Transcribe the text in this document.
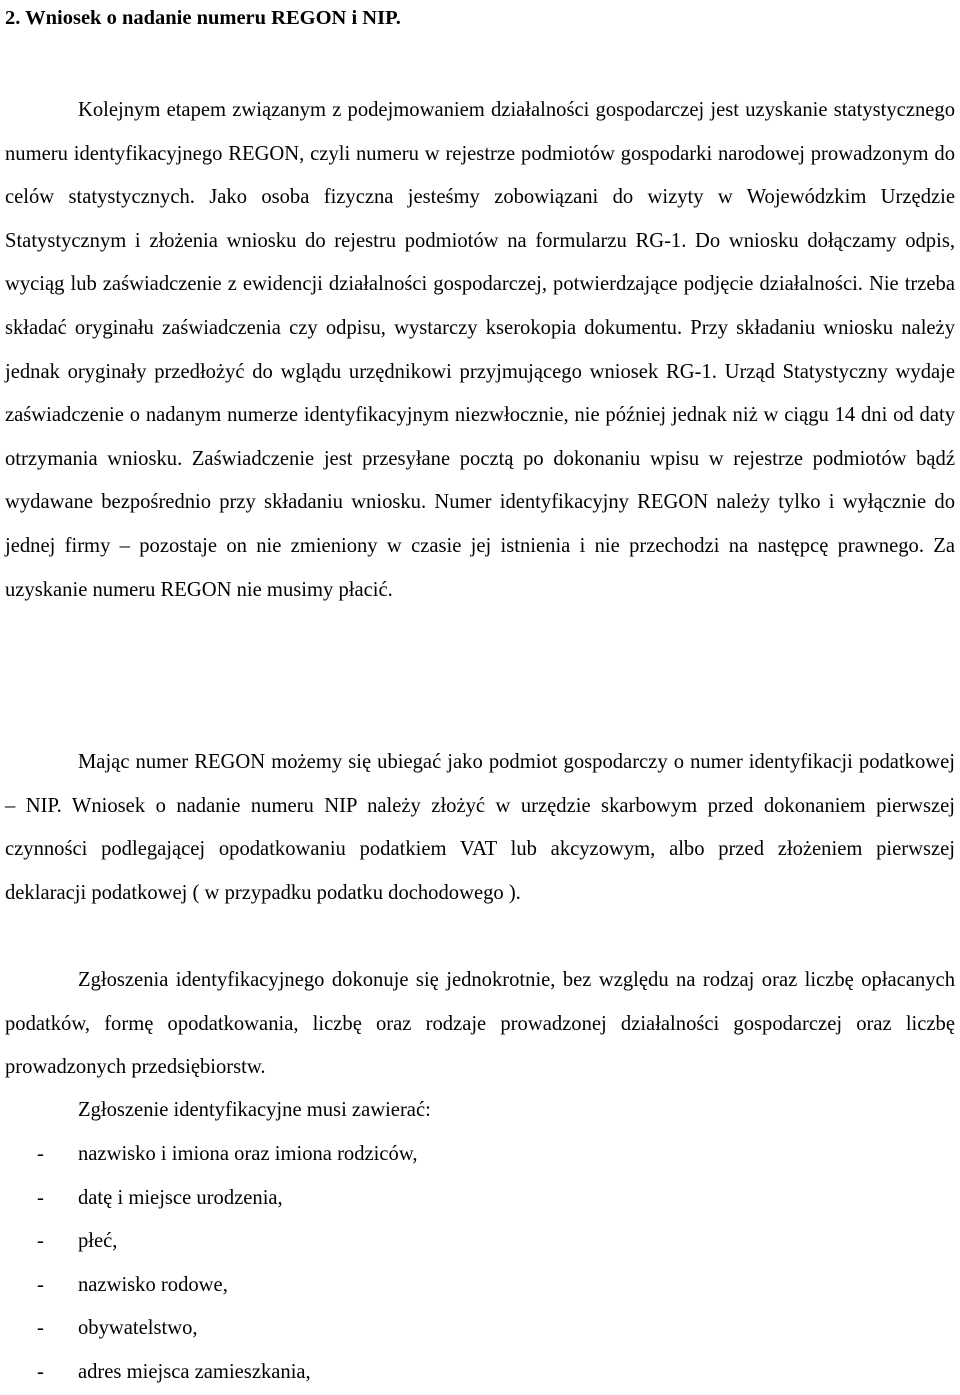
2. Wniosek o nadanie numeru REGON i NIP.

Kolejnym etapem związanym z podejmowaniem działalności gospodarczej jest uzyskanie statystycznego numeru identyfikacyjnego REGON, czyli numeru w rejestrze podmiotów gospodarki narodowej prowadzonym do celów statystycznych. Jako osoba fizyczna jesteśmy zobowiązani do wizyty w Wojewódzkim Urzędzie Statystycznym i złożenia wniosku do rejestru podmiotów na formularzu RG-1. Do wniosku dołączamy odpis, wyciąg lub zaświadczenie z ewidencji działalności gospodarczej, potwierdzające podjęcie działalności. Nie trzeba składać oryginału zaświadczenia czy odpisu, wystarczy kserokopia dokumentu. Przy składaniu wniosku należy jednak oryginały przedłożyć do wglądu urzędnikowi przyjmującego wniosek RG-1. Urząd Statystyczny wydaje zaświadczenie o nadanym numerze identyfikacyjnym niezwłocznie, nie później jednak niż w ciągu 14 dni od daty otrzymania wniosku. Zaświadczenie jest przesyłane pocztą po dokonaniu wpisu w rejestrze podmiotów bądź wydawane bezpośrednio przy składaniu wniosku. Numer identyfikacyjny REGON należy tylko i wyłącznie do jednej firmy – pozostaje on nie zmieniony w czasie jej istnienia i nie przechodzi na następcę prawnego. Za uzyskanie numeru REGON nie musimy płacić.

Mając numer REGON możemy się ubiegać jako podmiot gospodarczy o numer identyfikacji podatkowej – NIP. Wniosek o nadanie numeru NIP należy złożyć w urzędzie skarbowym przed dokonaniem pierwszej czynności podlegającej opodatkowaniu podatkiem VAT lub akcyzowym, albo przed złożeniem pierwszej deklaracji podatkowej ( w przypadku podatku dochodowego ).

Zgłoszenia identyfikacyjnego dokonuje się jednokrotnie, bez względu na rodzaj oraz liczbę opłacanych podatków, formę opodatkowania, liczbę oraz rodzaje prowadzonej działalności gospodarczej oraz liczbę prowadzonych przedsiębiorstw.

Zgłoszenie identyfikacyjne musi zawierać:

- nazwisko i imiona oraz imiona rodziców,
- datę i miejsce urodzenia,
- płeć,
- nazwisko rodowe,
- obywatelstwo,
- adres miejsca zamieszkania,
